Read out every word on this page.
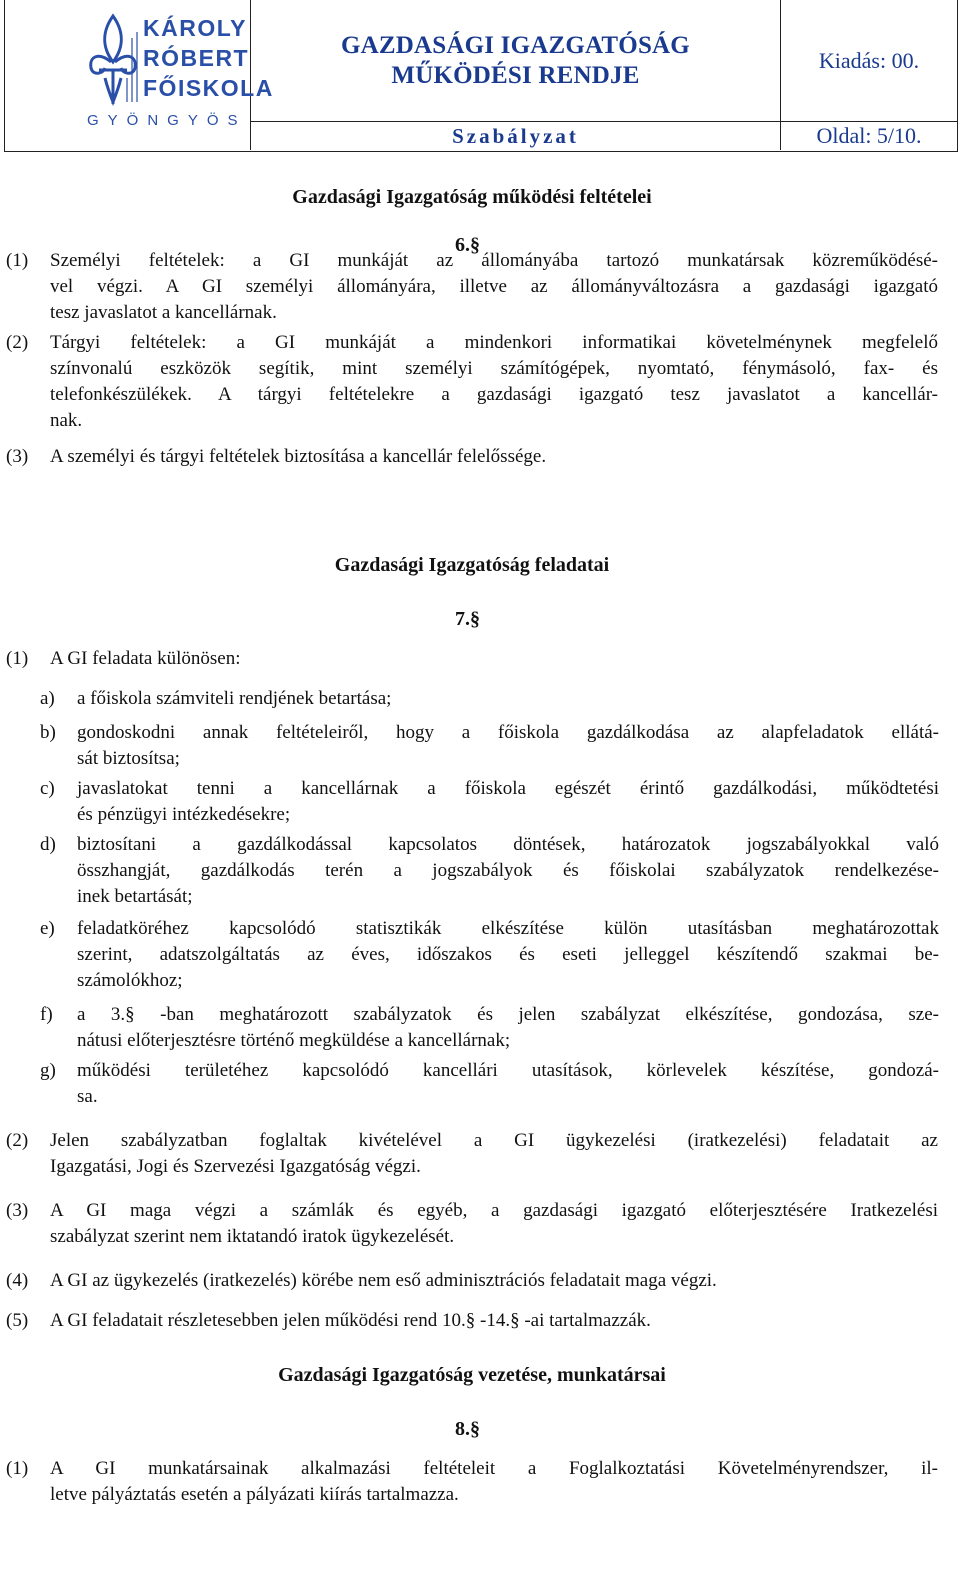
KÁROLY
RÓBERT
FŐISKOLA
GYÖNGYÖS
GAZDASÁGI IGAZGATÓSÁG
MŰKÖDÉSI RENDJE
Kiadás: 00.
Szabályzat	Oldal: 5/10.
Gazdasági Igazgatóság működési feltételei
6.§
(1) Személyi feltételek: a GI munkáját az állományába tartozó munkatársak közreműködésé-
vel végzi. A GI személyi állományára, illetve az állományváltozásra a gazdasági igazgató
tesz javaslatot a kancellárnak.
(2) Tárgyi feltételek: a GI munkáját a mindenkori informatikai követelménynek megfelelő
színvonalú eszközök segítik, mint személyi számítógépek, nyomtató, fénymásoló, fax- és
telefonkészülékek. A tárgyi feltételekre a gazdasági igazgató tesz javaslatot a kancellár-
nak.
(3) A személyi és tárgyi feltételek biztosítása a kancellár felelőssége.
Gazdasági Igazgatóság feladatai
7.§
(1) A GI feladata különösen:
a) a főiskola számviteli rendjének betartása;
b) gondoskodni annak feltételeiről, hogy a főiskola gazdálkodása az alapfeladatok ellátá-
sát biztosítsa;
c) javaslatokat tenni a kancellárnak a főiskola egészét érintő gazdálkodási, működtetési
és pénzügyi intézkedésekre;
d) biztosítani a gazdálkodással kapcsolatos döntések, határozatok jogszabályokkal való
összhangját, gazdálkodás terén a jogszabályok és főiskolai szabályzatok rendelkezése-
inek betartását;
e) feladatköréhez kapcsolódó statisztikák elkészítése külön utasításban meghatározottak
szerint, adatszolgáltatás az éves, időszakos és eseti jelleggel készítendő szakmai be-
számolókhoz;
f) a 3.§ -ban meghatározott szabályzatok és jelen szabályzat elkészítése, gondozása, sze-
nátusi előterjesztésre történő megküldése a kancellárnak;
g) működési területéhez kapcsolódó kancellári utasítások, körlevelek készítése, gondozá-
sa.
(2) Jelen szabályzatban foglaltak kivételével a GI ügykezelési (iratkezelési) feladatait az
Igazgatási, Jogi és Szervezési Igazgatóság végzi.
(3) A GI maga végzi a számlák és egyéb, a gazdasági igazgató előterjesztésére Iratkezelési
szabályzat szerint nem iktatandó iratok ügykezelését.
(4) A GI az ügykezelés (iratkezelés) körébe nem eső adminisztrációs feladatait maga végzi.
(5) A GI feladatait részletesebben jelen működési rend 10.§ -14.§ -ai tartalmazzák.
Gazdasági Igazgatóság vezetése, munkatársai
8.§
(1) A GI munkatársainak alkalmazási feltételeit a Foglalkoztatási Követelményrendszer, il-
letve pályáztatás esetén a pályázati kiírás tartalmazza.
